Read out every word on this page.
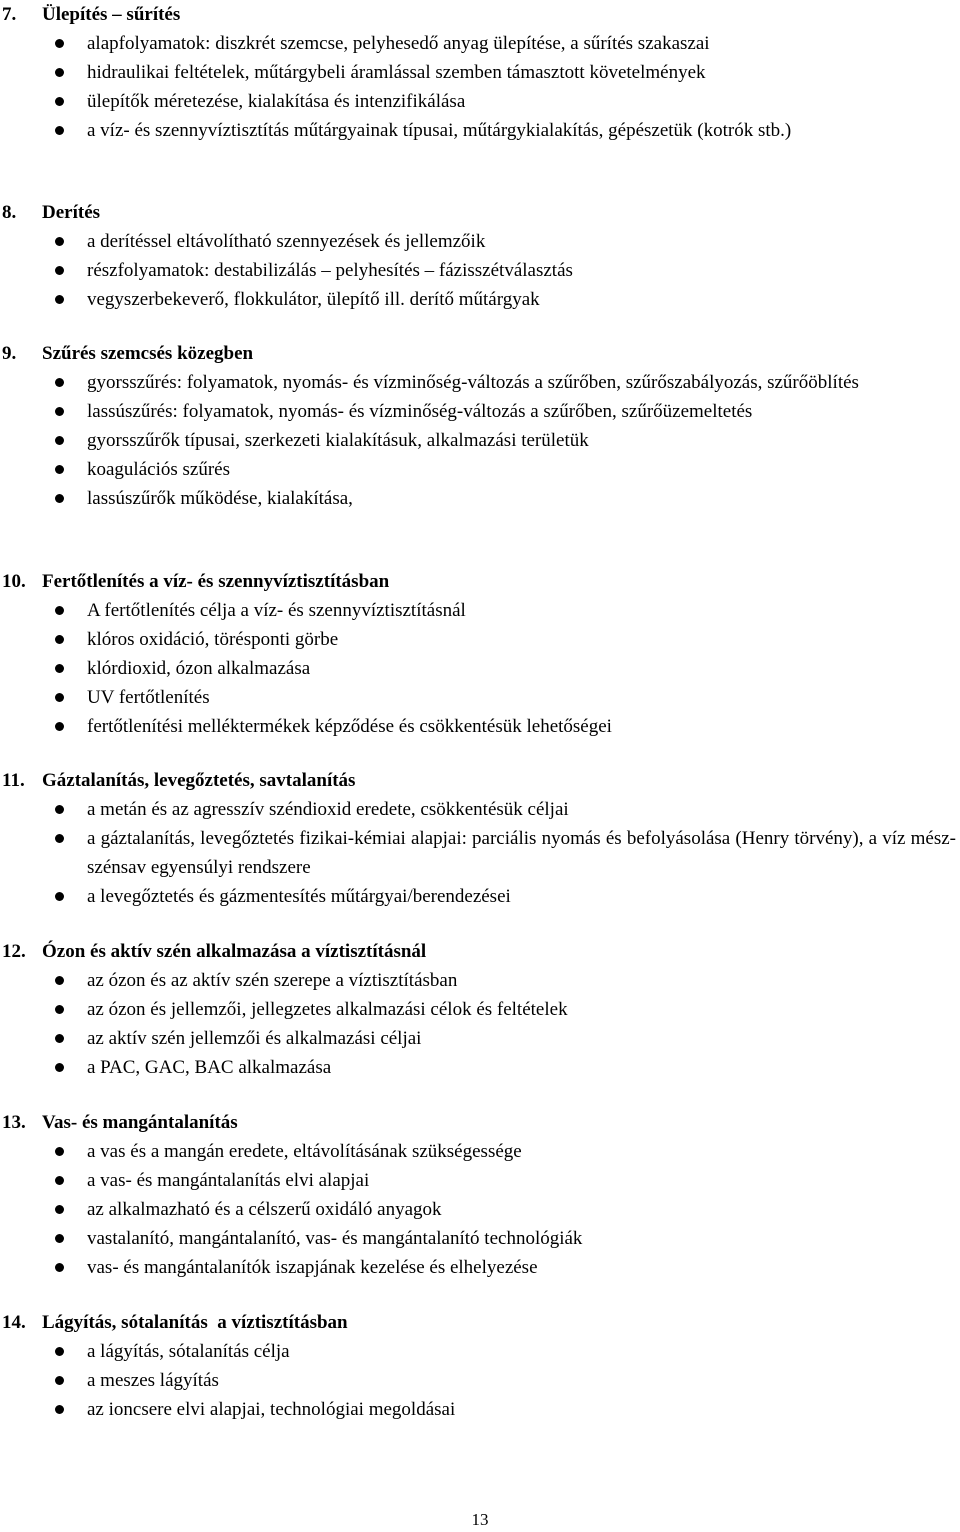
7. Ülepítés – sűrítés
alapfolyamatok: diszkrét szemcse, pelyhesedő anyag ülepítése, a sűrítés szakaszai
hidraulikai feltételek, műtárgybeli áramlással szemben támasztott követelmények
ülepítők méretezése, kialakítása és intenzifikálása
a víz- és szennyvíztisztítás műtárgyainak típusai, műtárgykialakítás, gépészetük (kotrók stb.)
8. Derítés
a derítéssel eltávolítható szennyezések és jellemzőik
részfolyamatok: destabilizálás – pelyhesítés – fázisszétválasztás
vegyszerbekeverő, flokkulátor, ülepítő ill. derítő műtárgyak
9. Szűrés szemcsés közegben
gyorsszűrés: folyamatok, nyomás- és vízminőség-változás a szűrőben, szűrőszabályozás, szűrőöblítés
lassúszűrés: folyamatok, nyomás- és vízminőség-változás a szűrőben, szűrőüzemeltetés
gyorsszűrők típusai, szerkezeti kialakításuk, alkalmazási területük
koagulációs szűrés
lassúszűrők működése, kialakítása,
10. Fertőtlenítés a víz- és szennyvíztisztításban
A fertőtlenítés célja a víz- és szennyvíztisztításnál
klóros oxidáció, törésponti görbe
klórdioxid, ózon alkalmazása
UV fertőtlenítés
fertőtlenítési melléktermékek képződése és csökkentésük lehetőségei
11. Gáztalanítás, levegőztetés, savtalanítás
a metán és az agresszív széndioxid eredete, csökkentésük céljai
a gáztalanítás, levegőztetés fizikai-kémiai alapjai: parciális nyomás és befolyásolása (Henry törvény), a víz mész-szénsav egyensúlyi rendszere
a levegőztetés és gázmentesítés műtárgyai/berendezései
12. Ózon és aktív szén alkalmazása a víztisztításnál
az ózon és az aktív szén szerepe a víztisztításban
az ózon és jellemzői, jellegzetes alkalmazási célok és feltételek
az aktív szén jellemzői és alkalmazási céljai
a PAC, GAC, BAC alkalmazása
13. Vas- és mangántalanítás
a vas és a mangán eredete, eltávolításának szükségessége
a vas- és mangántalanítás elvi alapjai
az alkalmazható és a célszerű oxidáló anyagok
vastalanító, mangántalanító, vas- és mangántalanító technológiák
vas- és mangántalanítók iszapjának kezelése és elhelyezése
14. Lágyítás, sótalanítás  a víztisztításban
a lágyítás, sótalanítás célja
a meszes lágyítás
az ioncsere elvi alapjai, technológiai megoldásai
13
